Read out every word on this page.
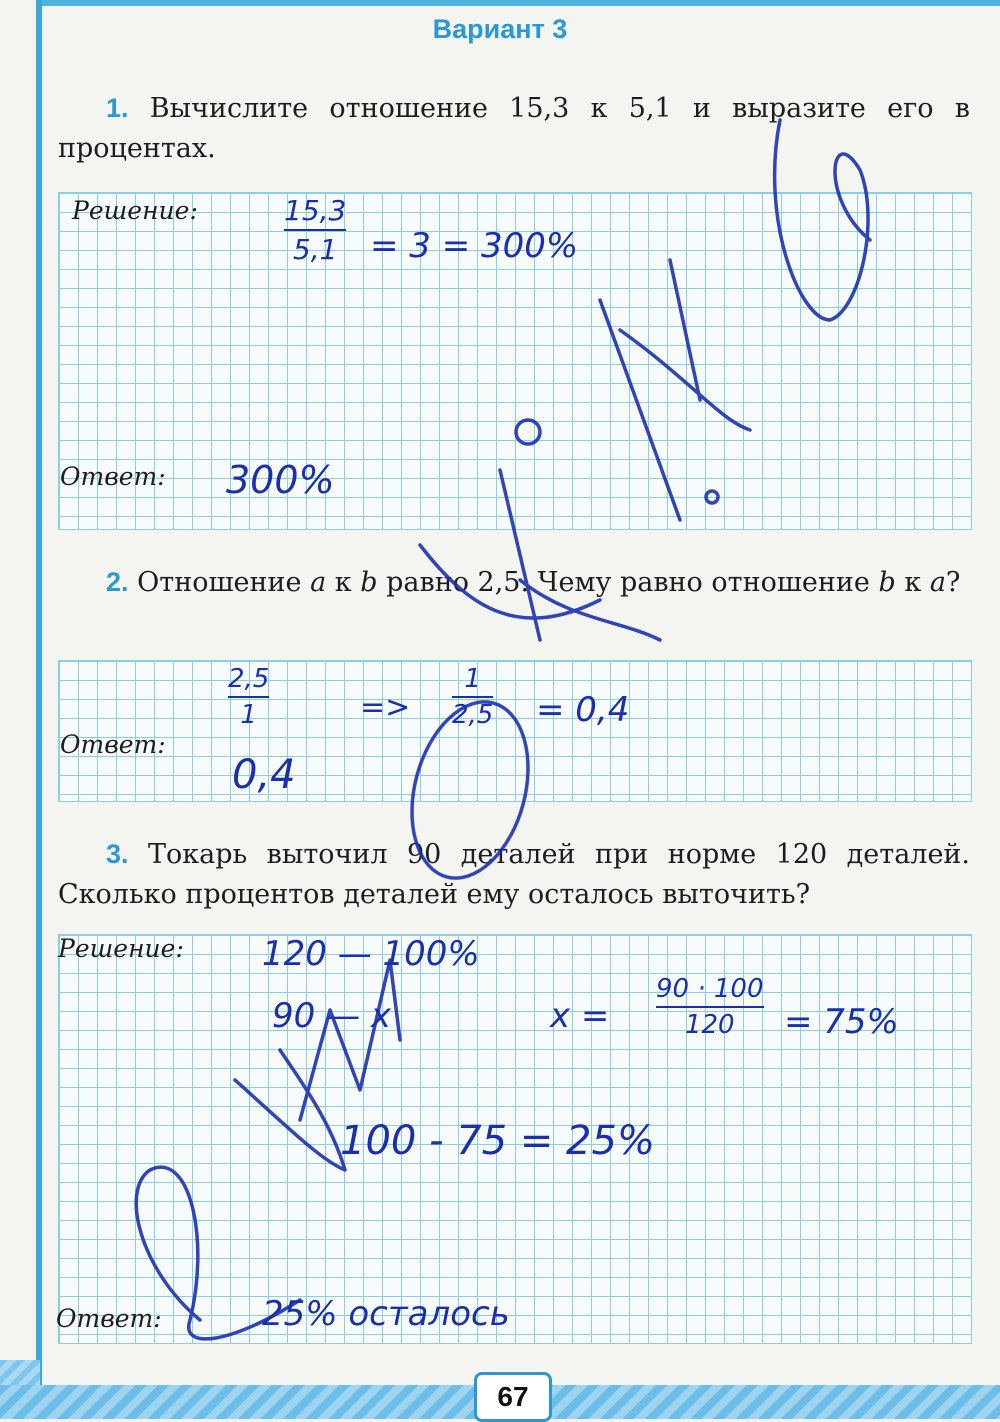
Вариант 3
1. Вычислите отношение 15,3 к 5,1 и выразите его в процентах.
Решение:
Ответ:
15,3
5,1 = 3 = 300%
300%
2. Отношение a к b равно 2,5. Чему равно отношение b к a?
Ответ:
2,5
1	=>
1
2,5 = 0,4
0,4
3. Токарь выточил 90 деталей при норме 120 деталей. Сколько процентов деталей ему осталось выточить?
Решение:
Ответ:
120 — 100%
90 — x	x =
90 · 100
120 = 75%
100 - 75 = 25%
25% осталось
67
